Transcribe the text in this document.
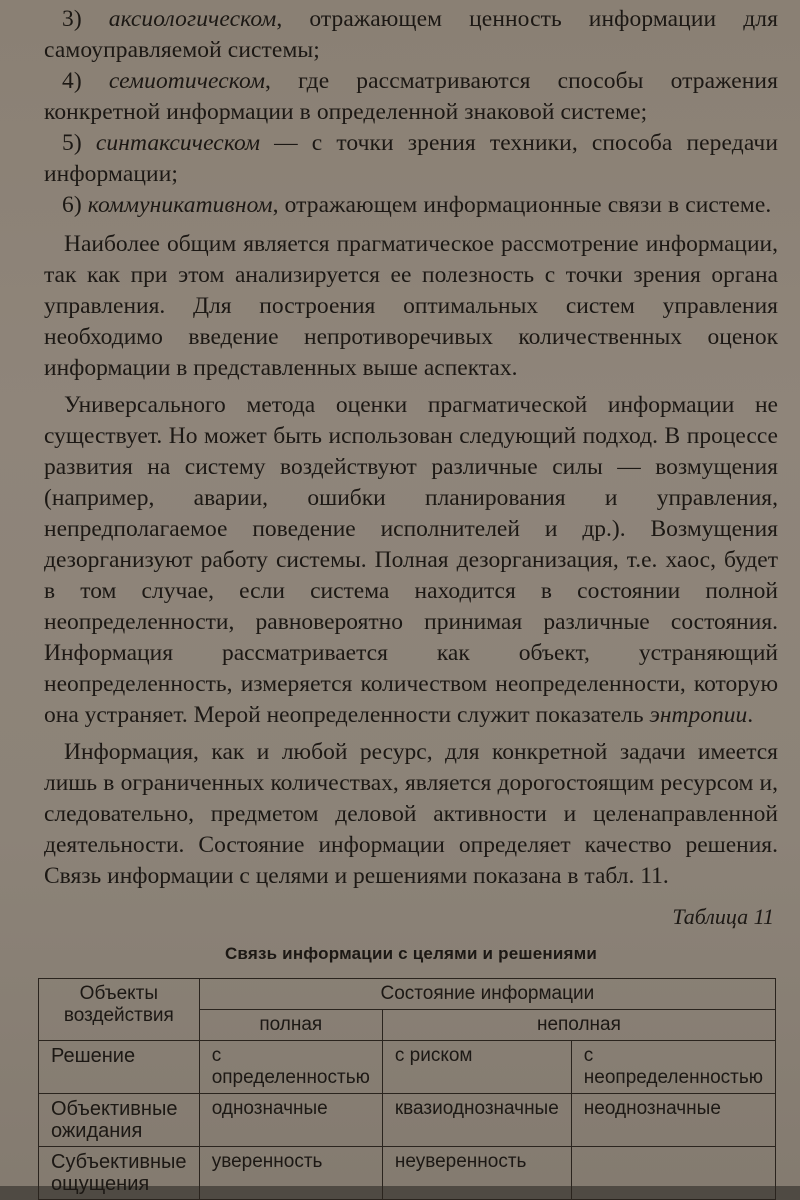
3) аксиологическом, отражающем ценность информации для самоуправляемой системы;

4) семиотическом, где рассматриваются способы отражения конкретной информации в определенной знаковой системе;

5) синтаксическом — с точки зрения техники, способа передачи информации;

6) коммуникативном, отражающем информационные связи в системе.

Наиболее общим является прагматическое рассмотрение информации, так как при этом анализируется ее полезность с точки зрения органа управления. Для построения оптимальных систем управления необходимо введение непротиворечивых количественных оценок информации в представленных выше аспектах.

Универсального метода оценки прагматической информации не существует. Но может быть использован следующий подход. В процессе развития на систему воздействуют различные силы — возмущения (например, аварии, ошибки планирования и управления, непредполагаемое поведение исполнителей и др.). Возмущения дезорганизуют работу системы. Полная дезорганизация, т.е. хаос, будет в том случае, если система находится в состоянии полной неопределенности, равновероятно принимая различные состояния. Информация рассматривается как объект, устраняющий неопределенность, измеряется количеством неопределенности, которую она устраняет. Мерой неопределенности служит показатель энтропии.

Информация, как и любой ресурс, для конкретной задачи имеется лишь в ограниченных количествах, является дорогостоящим ресурсом и, следовательно, предметом деловой активности и целенаправленной деятельности. Состояние информации определяет качество решения. Связь информации с целями и решениями показана в табл. 11.

Таблица 11

Связь информации с целями и решениями

Объекты воздействия	Состояние информации		
	полная	неполная	
Решение	с определенностью	с риском	с неопределенностью
Объективные ожидания	однозначные	квазиоднозначные	неоднозначные
Субъективные ощущения	уверенность	неуверенность	
